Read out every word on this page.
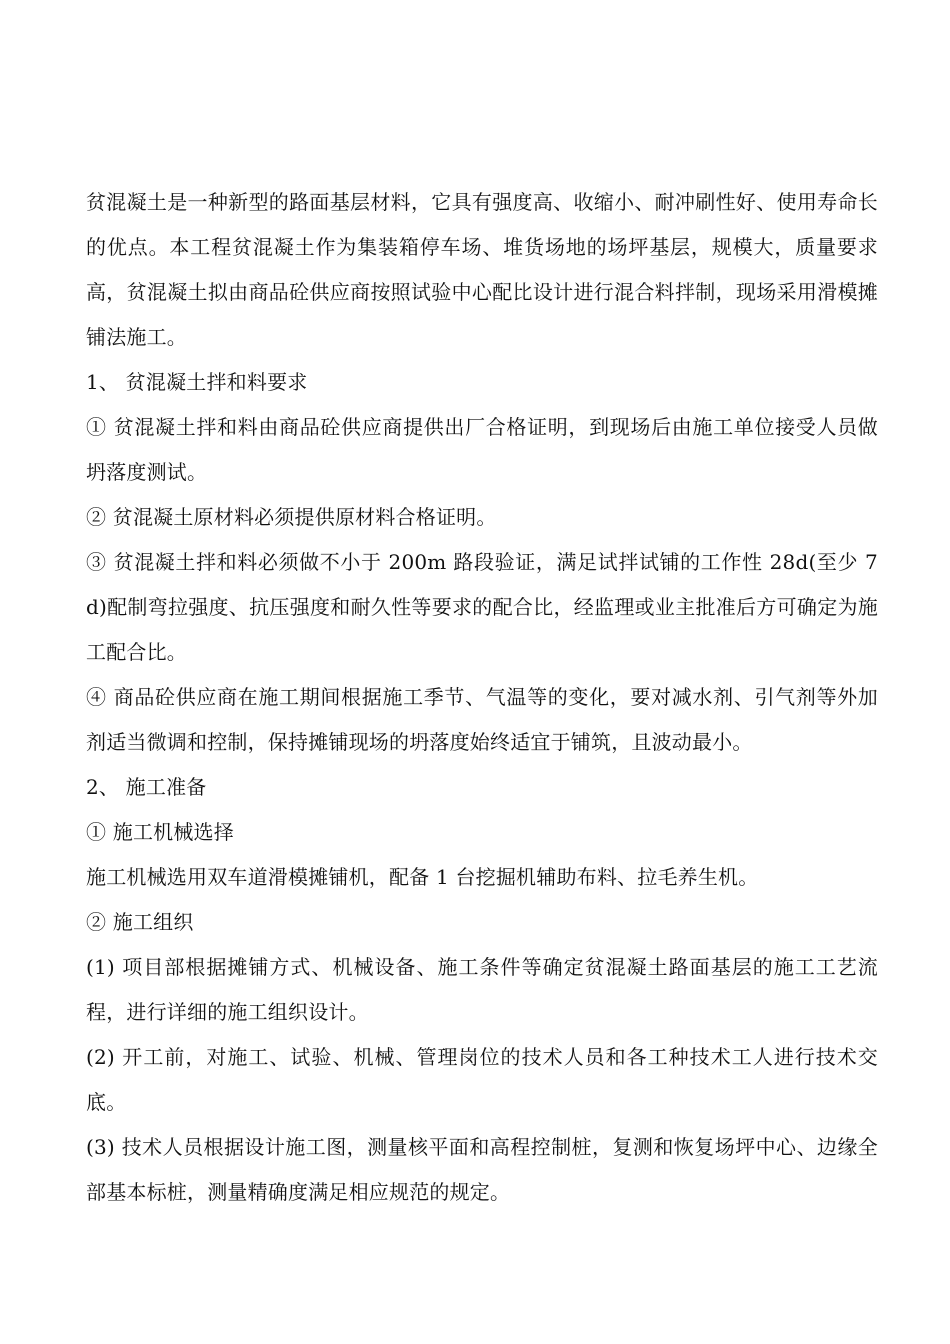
贫混凝土是一种新型的路面基层材料，它具有强度高、收缩小、耐冲刷性好、使用寿命长的优点。本工程贫混凝土作为集装箱停车场、堆货场地的场坪基层，规模大，质量要求高，贫混凝土拟由商品砼供应商按照试验中心配比设计进行混合料拌制，现场采用滑模摊铺法施工。

1、 贫混凝土拌和料要求

① 贫混凝土拌和料由商品砼供应商提供出厂合格证明，到现场后由施工单位接受人员做坍落度测试。

② 贫混凝土原材料必须提供原材料合格证明。

③ 贫混凝土拌和料必须做不小于 200m 路段验证，满足试拌试铺的工作性 28d(至少 7d)配制弯拉强度、抗压强度和耐久性等要求的配合比，经监理或业主批准后方可确定为施工配合比。

④ 商品砼供应商在施工期间根据施工季节、气温等的变化，要对减水剂、引气剂等外加剂适当微调和控制，保持摊铺现场的坍落度始终适宜于铺筑，且波动最小。

2、 施工准备

① 施工机械选择

施工机械选用双车道滑模摊铺机，配备 1 台挖掘机辅助布料、拉毛养生机。

② 施工组织

(1) 项目部根据摊铺方式、机械设备、施工条件等确定贫混凝土路面基层的施工工艺流程，进行详细的施工组织设计。

(2) 开工前，对施工、试验、机械、管理岗位的技术人员和各工种技术工人进行技术交底。

(3) 技术人员根据设计施工图，测量核平面和高程控制桩，复测和恢复场坪中心、边缘全部基本标桩，测量精确度满足相应规范的规定。
